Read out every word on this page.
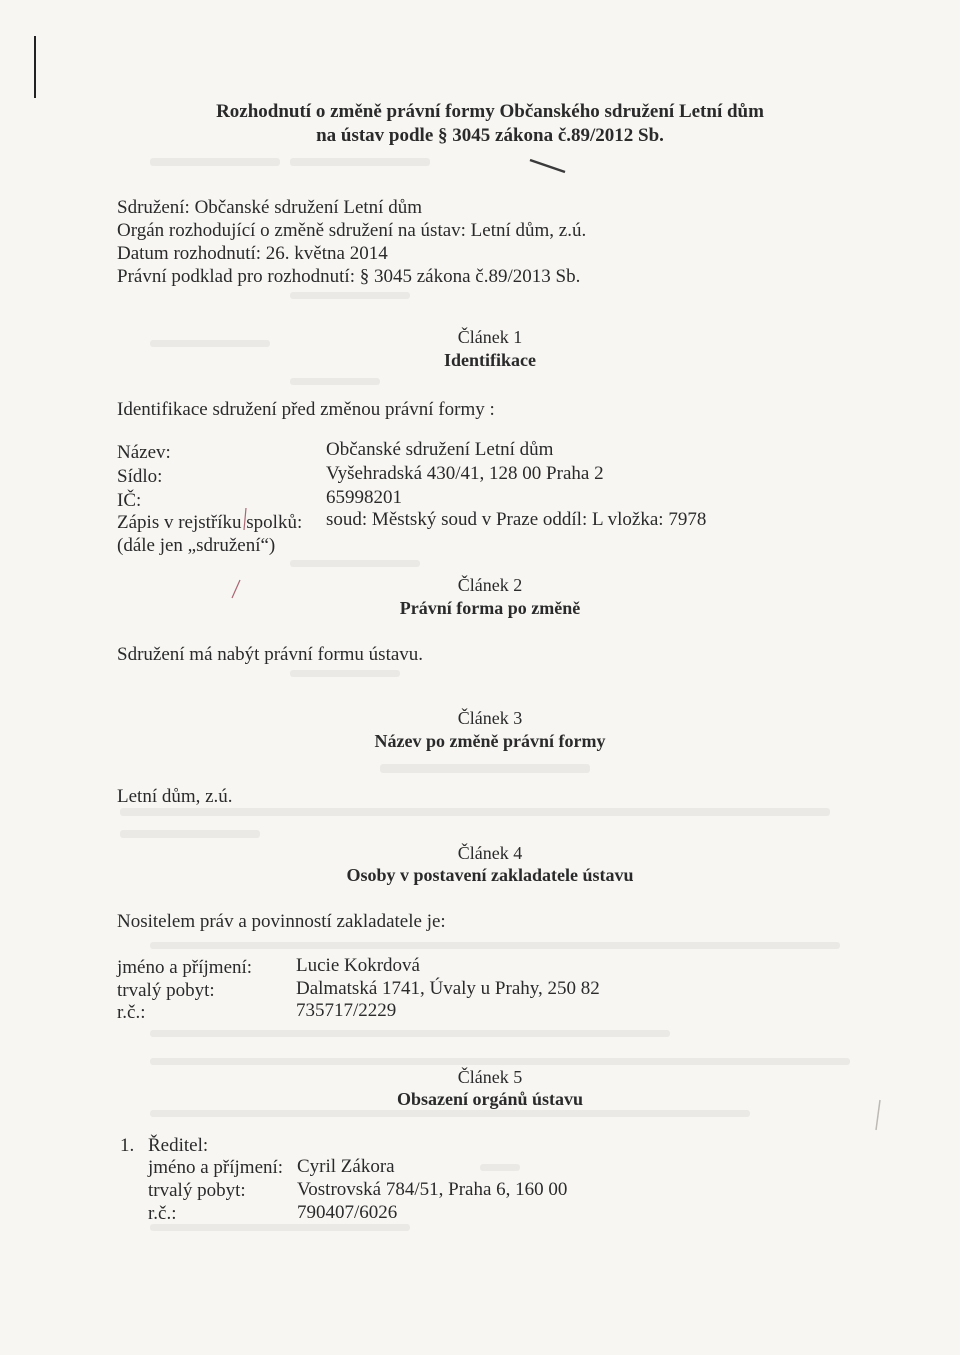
Rozhodnutí o změně právní formy Občanského sdružení Letní dům
na ústav podle § 3045 zákona č.89/2012 Sb.
Sdružení: Občanské sdružení Letní dům
Orgán rozhodující o změně sdružení na ústav: Letní dům, z.ú.
Datum rozhodnutí: 26. května 2014
Právní podklad pro rozhodnutí: § 3045 zákona č.89/2013 Sb.
Článek 1
Identifikace
Identifikace sdružení před změnou právní formy :
Název:	Občanské sdružení Letní dům
Sídlo:	Vyšehradská 430/41, 128 00 Praha 2
IČ:	65998201
Zápis v rejstříku spolků: soud: Městský soud v Praze oddíl: L vložka: 7978
(dále jen „sdružení“)
Článek 2
Právní forma po změně
Sdružení má nabýt právní formu ústavu.
Článek 3
Název po změně právní formy
Letní dům, z.ú.
Článek 4
Osoby v postavení zakladatele ústavu
Nositelem práv a povinností zakladatele je:
jméno a příjmení: Lucie Kokrdová
trvalý pobyt:	Dalmatská 1741, Úvaly u Prahy, 250 82
r.č.:	735717/2229
Článek 5
Obsazení orgánů ústavu
1. Ředitel:
jméno a příjmení: Cyril Zákora
trvalý pobyt:	Vostrovská 784/51, Praha 6, 160 00
r.č.:	790407/6026
